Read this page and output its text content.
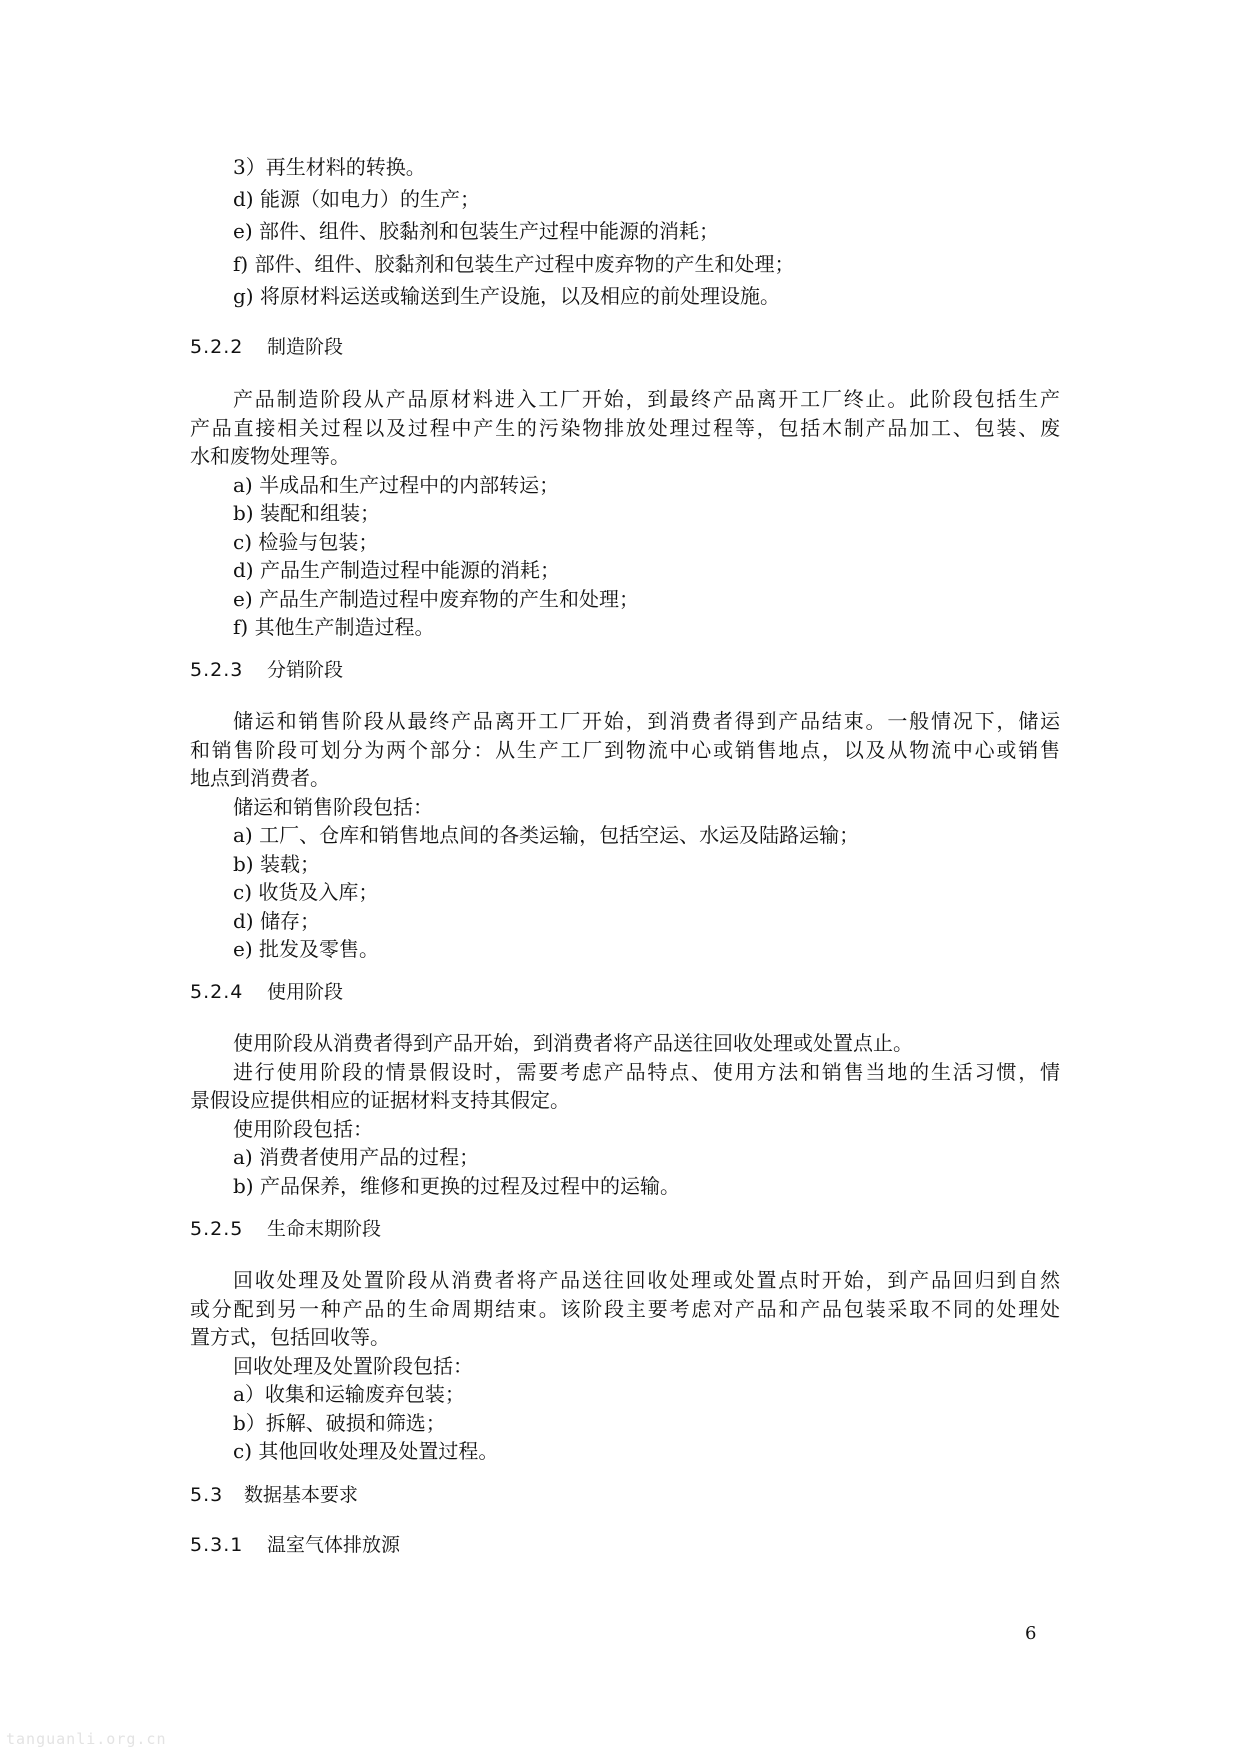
3）再生材料的转换。
d) 能源（如电力）的生产；
e) 部件、组件、胶黏剂和包装生产过程中能源的消耗；
f) 部件、组件、胶黏剂和包装生产过程中废弃物的产生和处理；
g) 将原材料运送或输送到生产设施，以及相应的前处理设施。
5.2.2 制造阶段
产品制造阶段从产品原材料进入工厂开始，到最终产品离开工厂终止。此阶段包括生产
产品直接相关过程以及过程中产生的污染物排放处理过程等，包括木制产品加工、包装、废
水和废物处理等。
a) 半成品和生产过程中的内部转运；
b) 装配和组装；
c) 检验与包装；
d) 产品生产制造过程中能源的消耗；
e) 产品生产制造过程中废弃物的产生和处理；
f) 其他生产制造过程。
5.2.3 分销阶段
储运和销售阶段从最终产品离开工厂开始，到消费者得到产品结束。一般情况下，储运
和销售阶段可划分为两个部分：从生产工厂到物流中心或销售地点，以及从物流中心或销售
地点到消费者。
储运和销售阶段包括：
a) 工厂、仓库和销售地点间的各类运输，包括空运、水运及陆路运输；
b) 装载；
c) 收货及入库；
d) 储存；
e) 批发及零售。
5.2.4 使用阶段
使用阶段从消费者得到产品开始，到消费者将产品送往回收处理或处置点止。
进行使用阶段的情景假设时，需要考虑产品特点、使用方法和销售当地的生活习惯，情
景假设应提供相应的证据材料支持其假定。
使用阶段包括：
a) 消费者使用产品的过程；
b) 产品保养，维修和更换的过程及过程中的运输。
5.2.5 生命末期阶段
回收处理及处置阶段从消费者将产品送往回收处理或处置点时开始，到产品回归到自然
或分配到另一种产品的生命周期结束。该阶段主要考虑对产品和产品包装采取不同的处理处
置方式，包括回收等。
回收处理及处置阶段包括：
a）收集和运输废弃包装；
b）拆解、破损和筛选；
c) 其他回收处理及处置过程。
5.3 数据基本要求
5.3.1 温室气体排放源
6
tanguanli.org.cn
